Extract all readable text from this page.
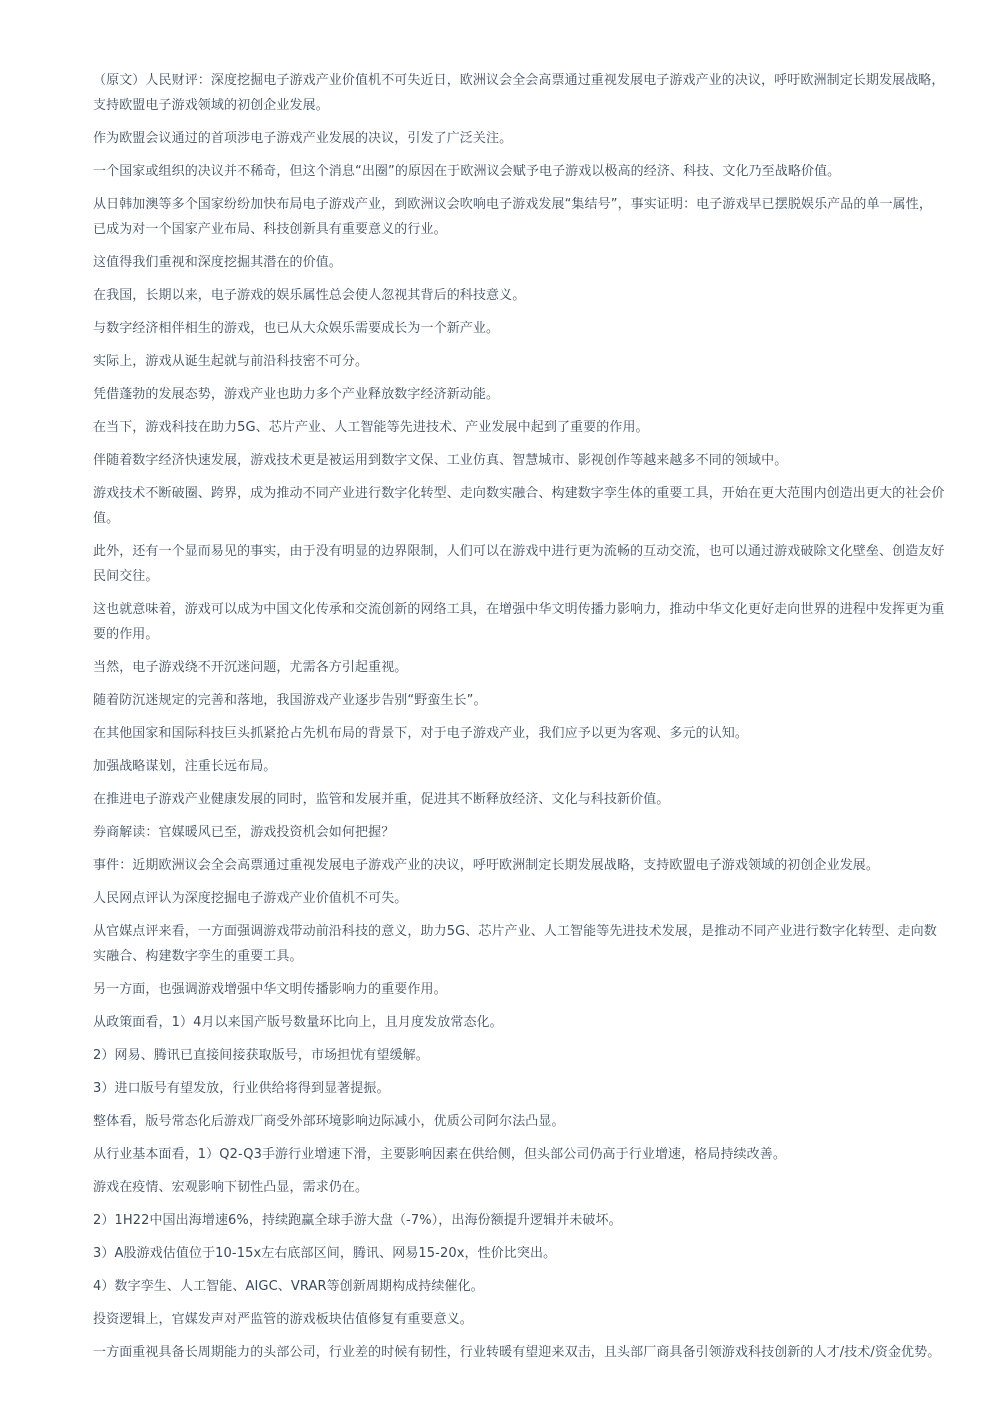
（原文）人民财评：深度挖掘电子游戏产业价值机不可失近日，欧洲议会全会高票通过重视发展电子游戏产业的决议，呼吁欧洲制定长期发展战略，支持欧盟电子游戏领域的初创企业发展。

作为欧盟会议通过的首项涉电子游戏产业发展的决议，引发了广泛关注。

一个国家或组织的决议并不稀奇，但这个消息“出圈”的原因在于欧洲议会赋予电子游戏以极高的经济、科技、文化乃至战略价值。

从日韩加澳等多个国家纷纷加快布局电子游戏产业，到欧洲议会吹响电子游戏发展“集结号”，事实证明：电子游戏早已摆脱娱乐产品的单一属性，已成为对一个国家产业布局、科技创新具有重要意义的行业。

这值得我们重视和深度挖掘其潜在的价值。

在我国，长期以来，电子游戏的娱乐属性总会使人忽视其背后的科技意义。

与数字经济相伴相生的游戏，也已从大众娱乐需要成长为一个新产业。

实际上，游戏从诞生起就与前沿科技密不可分。

凭借蓬勃的发展态势，游戏产业也助力多个产业释放数字经济新动能。

在当下，游戏科技在助力5G、芯片产业、人工智能等先进技术、产业发展中起到了重要的作用。

伴随着数字经济快速发展，游戏技术更是被运用到数字文保、工业仿真、智慧城市、影视创作等越来越多不同的领域中。

游戏技术不断破圈、跨界，成为推动不同产业进行数字化转型、走向数实融合、构建数字孪生体的重要工具，开始在更大范围内创造出更大的社会价值。

此外，还有一个显而易见的事实，由于没有明显的边界限制，人们可以在游戏中进行更为流畅的互动交流，也可以通过游戏破除文化壁垒、创造友好民间交往。

这也就意味着，游戏可以成为中国文化传承和交流创新的网络工具，在增强中华文明传播力影响力，推动中华文化更好走向世界的进程中发挥更为重要的作用。

当然，电子游戏绕不开沉迷问题，尤需各方引起重视。

随着防沉迷规定的完善和落地，我国游戏产业逐步告别“野蛮生长”。

在其他国家和国际科技巨头抓紧抢占先机布局的背景下，对于电子游戏产业，我们应予以更为客观、多元的认知。

加强战略谋划，注重长远布局。

在推进电子游戏产业健康发展的同时，监管和发展并重，促进其不断释放经济、文化与科技新价值。

券商解读：官媒暖风已至，游戏投资机会如何把握？

事件：近期欧洲议会全会高票通过重视发展电子游戏产业的决议，呼吁欧洲制定长期发展战略，支持欧盟电子游戏领域的初创企业发展。

人民网点评认为深度挖掘电子游戏产业价值机不可失。

从官媒点评来看，一方面强调游戏带动前沿科技的意义，助力5G、芯片产业、人工智能等先进技术发展，是推动不同产业进行数字化转型、走向数实融合、构建数字孪生的重要工具。

另一方面，也强调游戏增强中华文明传播影响力的重要作用。

从政策面看，1）4月以来国产版号数量环比向上，且月度发放常态化。

2）网易、腾讯已直接间接获取版号，市场担忧有望缓解。

3）进口版号有望发放，行业供给将得到显著提振。

整体看，版号常态化后游戏厂商受外部环境影响边际减小，优质公司阿尔法凸显。

从行业基本面看，1）Q2-Q3手游行业增速下滑，主要影响因素在供给侧，但头部公司仍高于行业增速，格局持续改善。

游戏在疫情、宏观影响下韧性凸显，需求仍在。

2）1H22中国出海增速6%，持续跑赢全球手游大盘（-7%），出海份额提升逻辑并未破坏。

3）A股游戏估值位于10-15x左右底部区间，腾讯、网易15-20x，性价比突出。

4）数字孪生、人工智能、AIGC、VRAR等创新周期构成持续催化。

投资逻辑上，官媒发声对严监管的游戏板块估值修复有重要意义。

一方面重视具备长周期能力的头部公司，行业差的时候有韧性，行业转暖有望迎来双击，且头部厂商具备引领游戏科技创新的人才/技术/资金优势。
